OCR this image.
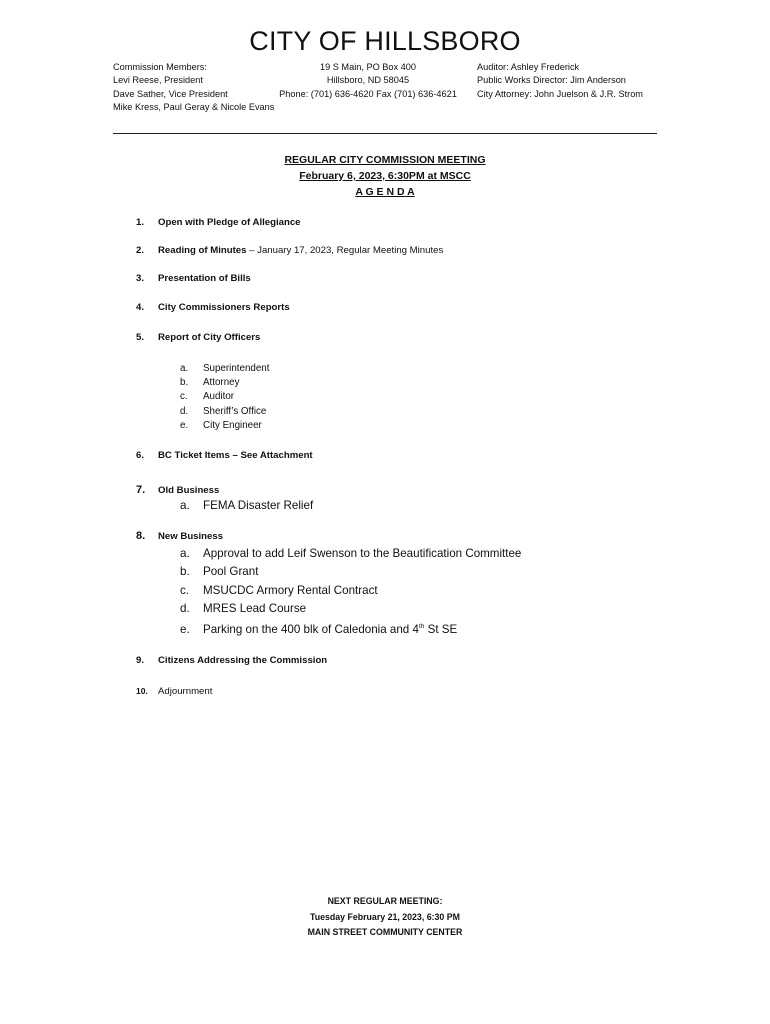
CITY OF HILLSBORO
Commission Members:
Levi Reese, President
Dave Sather, Vice President
Mike Kress, Paul Geray & Nicole Evans
19 S Main, PO Box 400
Hillsboro, ND 58045
Phone: (701) 636-4620 Fax (701) 636-4621
Auditor: Ashley Frederick
Public Works Director: Jim Anderson
City Attorney: John Juelson & J.R. Strom
REGULAR CITY COMMISSION MEETING
February 6, 2023, 6:30PM at MSCC
A G E N D A
1. Open with Pledge of Allegiance
2. Reading of Minutes – January 17, 2023, Regular Meeting Minutes
3. Presentation of Bills
4. City Commissioners Reports
5. Report of City Officers
a. Superintendent
b. Attorney
c. Auditor
d. Sheriff’s Office
e. City Engineer
6. BC Ticket Items – See Attachment
7. Old Business
a. FEMA Disaster Relief
8. New Business
a. Approval to add Leif Swenson to the Beautification Committee
b. Pool Grant
c. MSUCDC Armory Rental Contract
d. MRES Lead Course
e. Parking on the 400 blk of Caledonia and 4th St SE
9. Citizens Addressing the Commission
10. Adjournment
NEXT REGULAR MEETING:
Tuesday February 21, 2023, 6:30 PM
MAIN STREET COMMUNITY CENTER
